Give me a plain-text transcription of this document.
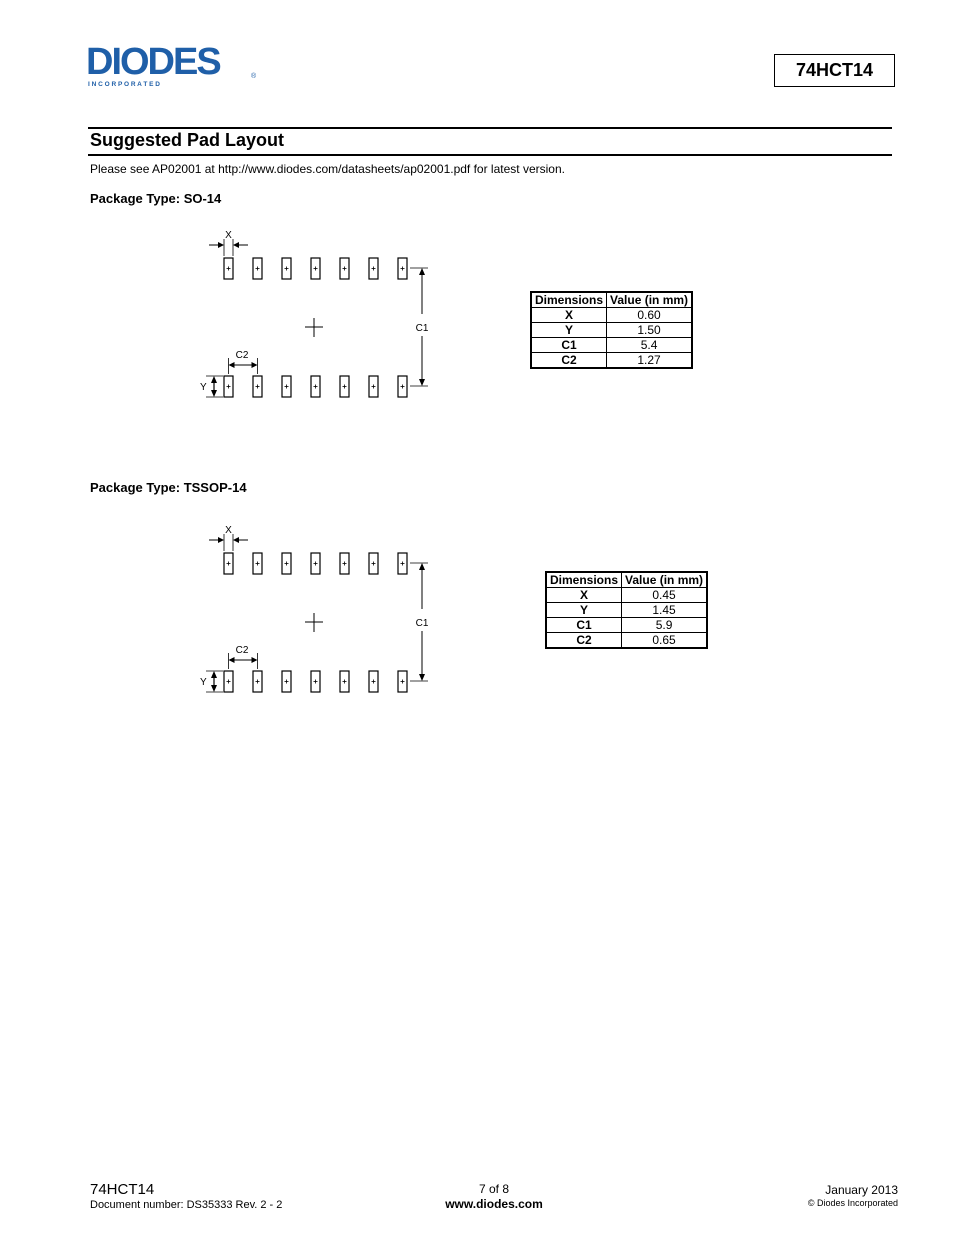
DIODES
I N C O R P O R A T E D
®	74HCT14
Suggested Pad Layout
Please see AP02001 at http://www.diodes.com/datasheets/ap02001.pdf for latest version.
Package Type: SO-14
X
C1
C2
Y
Dimensions	Value (in mm)
X	0.60
Y	1.50
C1	5.4
C2	1.27
Package Type: TSSOP-14
X
C1
C2
Y
Dimensions	Value (in mm)
X	0.45
Y	1.45
C1	5.9
C2	0.65
74HCT14
Document number: DS35333 Rev. 2 - 2
7 of 8
www.diodes.com
January 2013
© Diodes Incorporated
